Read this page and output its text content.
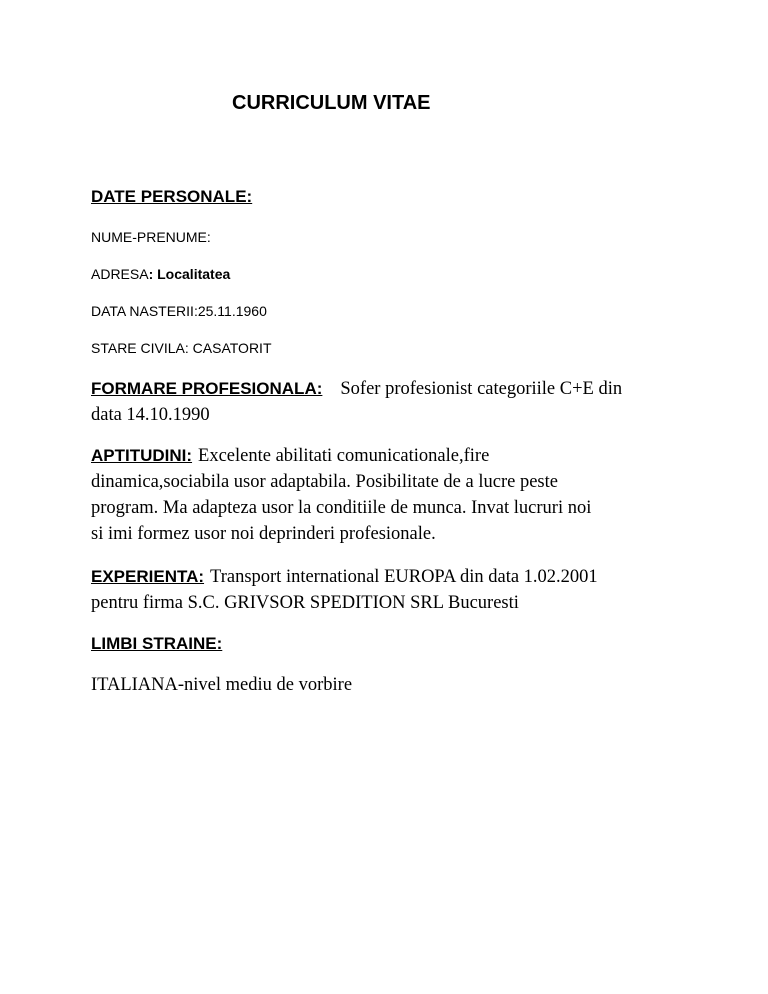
CURRICULUM VITAE
DATE PERSONALE:
NUME-PRENUME:
ADRESA: Localitatea
DATA NASTERII:25.11.1960
STARE CIVILA: CASATORIT
FORMARE PROFESIONALA: Sofer profesionist categoriile C+E din
data 14.10.1990
APTITUDINI: Excelente abilitati comunicationale,fire
dinamica,sociabila usor adaptabila. Posibilitate de a lucre peste
program. Ma adapteza usor la conditiile de munca. Invat lucruri noi
si imi formez usor noi deprinderi profesionale.
EXPERIENTA: Transport international EUROPA din data 1.02.2001
pentru firma S.C. GRIVSOR SPEDITION SRL Bucuresti
LIMBI STRAINE:
ITALIANA-nivel mediu de vorbire
